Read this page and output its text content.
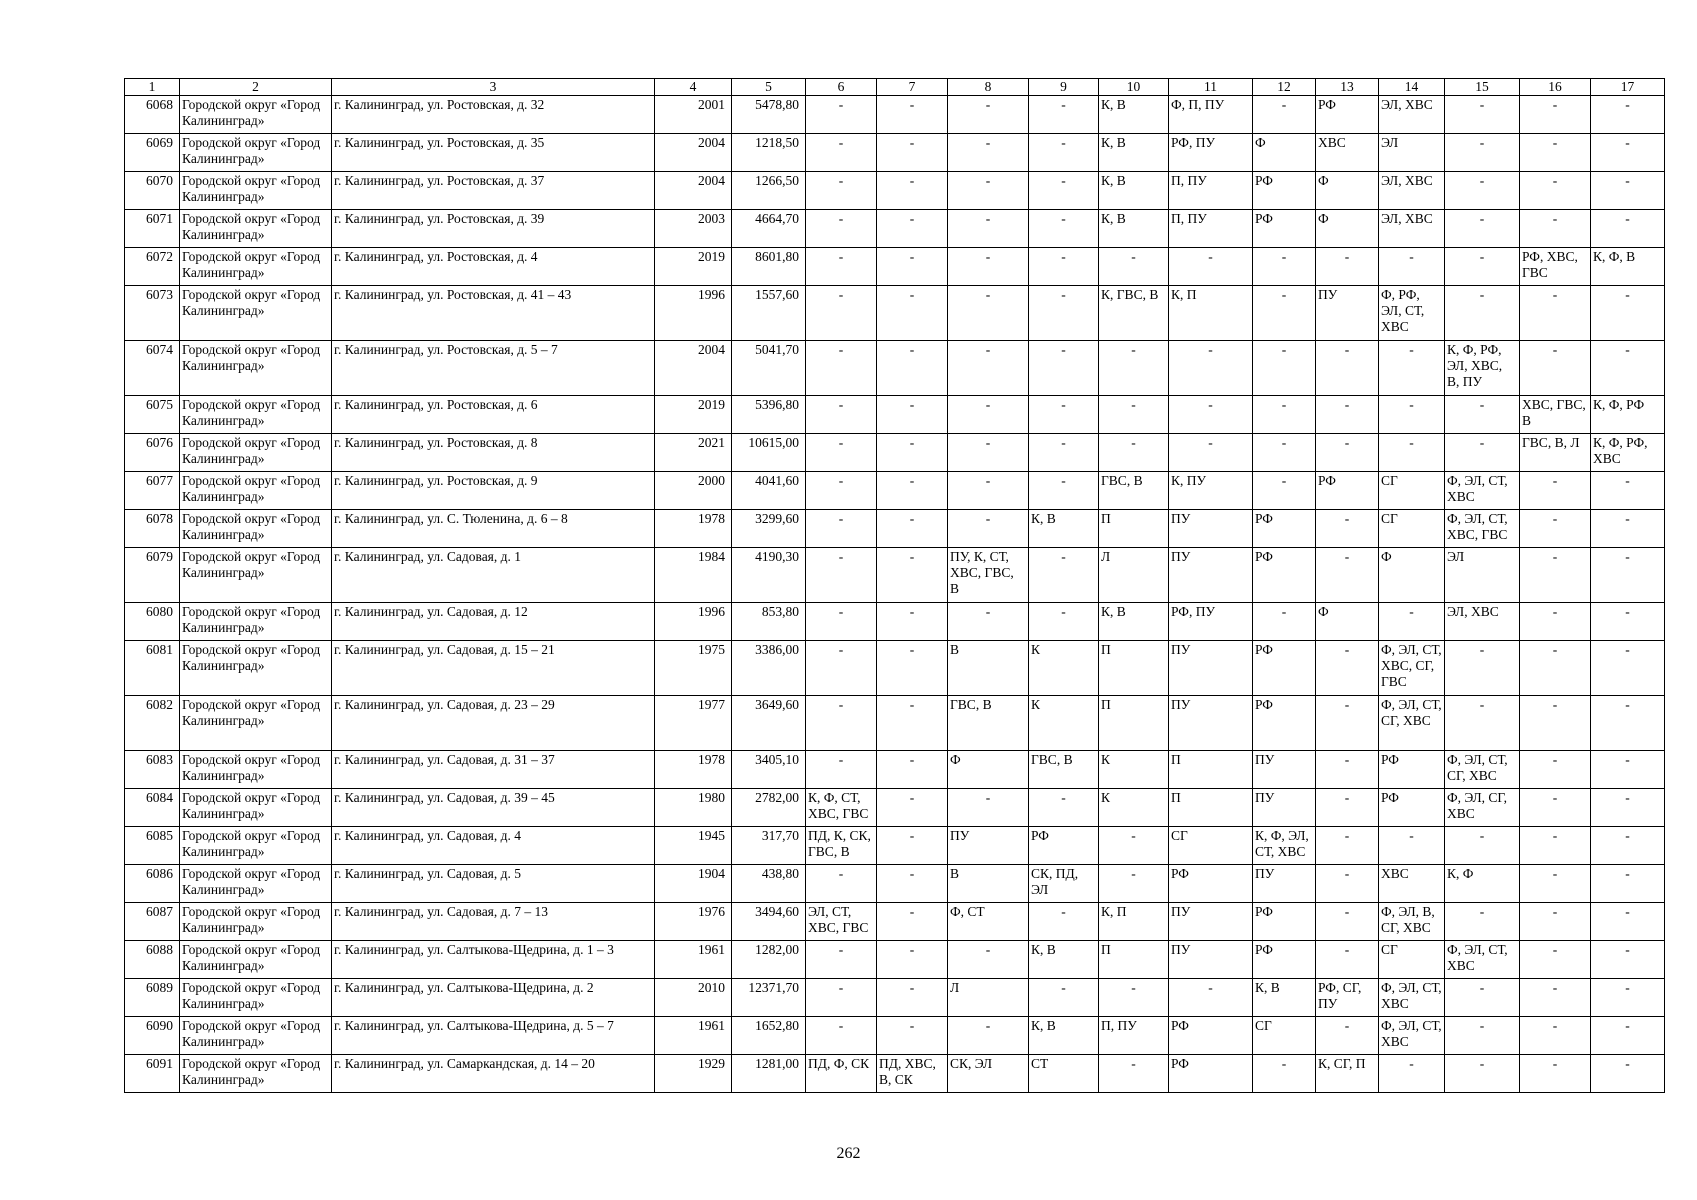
1	2	3	4	5	6	7	8	9	10	11	12	13	14	15	16	17
6068	Городской округ «Город Калининград»	г. Калининград, ул. Ростовская, д. 32	2001	5478,80	-	-	-	-	К, В	Ф, П, ПУ	-	РФ	ЭЛ, ХВС	-	-	-
6069	Городской округ «Город Калининград»	г. Калининград, ул. Ростовская, д. 35	2004	1218,50	-	-	-	-	К, В	РФ, ПУ	Ф	ХВС	ЭЛ	-	-	-
6070	Городской округ «Город Калининград»	г. Калининград, ул. Ростовская, д. 37	2004	1266,50	-	-	-	-	К, В	П, ПУ	РФ	Ф	ЭЛ, ХВС	-	-	-
6071	Городской округ «Город Калининград»	г. Калининград, ул. Ростовская, д. 39	2003	4664,70	-	-	-	-	К, В	П, ПУ	РФ	Ф	ЭЛ, ХВС	-	-	-
6072	Городской округ «Город Калининград»	г. Калининград, ул. Ростовская, д. 4	2019	8601,80	-	-	-	-	-	-	-	-	-	-	РФ, ХВС, ГВС	К, Ф, В
6073	Городской округ «Город Калининград»	г. Калининград, ул. Ростовская, д. 41 – 43	1996	1557,60	-	-	-	-	К, ГВС, В	К, П	-	ПУ	Ф, РФ, ЭЛ, СТ, ХВС	-	-	-
6074	Городской округ «Город Калининград»	г. Калининград, ул. Ростовская, д. 5 – 7	2004	5041,70	-	-	-	-	-	-	-	-	-	К, Ф, РФ, ЭЛ, ХВС, В, ПУ	-	-
6075	Городской округ «Город Калининград»	г. Калининград, ул. Ростовская, д. 6	2019	5396,80	-	-	-	-	-	-	-	-	-	-	ХВС, ГВС, В	К, Ф, РФ
6076	Городской округ «Город Калининград»	г. Калининград, ул. Ростовская, д. 8	2021	10615,00	-	-	-	-	-	-	-	-	-	-	ГВС, В, Л	К, Ф, РФ, ХВС
6077	Городской округ «Город Калининград»	г. Калининград, ул. Ростовская, д. 9	2000	4041,60	-	-	-	-	ГВС, В	К, ПУ	-	РФ	СГ	Ф, ЭЛ, СТ, ХВС	-	-
6078	Городской округ «Город Калининград»	г. Калининград, ул. С. Тюленина, д. 6 – 8	1978	3299,60	-	-	-	К, В	П	ПУ	РФ	-	СГ	Ф, ЭЛ, СТ, ХВС, ГВС	-	-
6079	Городской округ «Город Калининград»	г. Калининград, ул. Садовая, д. 1	1984	4190,30	-	-	ПУ, К, СТ, ХВС, ГВС, В	-	Л	ПУ	РФ	-	Ф	ЭЛ	-	-
6080	Городской округ «Город Калининград»	г. Калининград, ул. Садовая, д. 12	1996	853,80	-	-	-	-	К, В	РФ, ПУ	-	Ф	-	ЭЛ, ХВС	-	-
6081	Городской округ «Город Калининград»	г. Калининград, ул. Садовая, д. 15 – 21	1975	3386,00	-	-	В	К	П	ПУ	РФ	-	Ф, ЭЛ, СТ, ХВС, СГ, ГВС	-	-	-
6082	Городской округ «Город Калининград»	г. Калининград, ул. Садовая, д. 23 – 29	1977	3649,60	-	-	ГВС, В	К	П	ПУ	РФ	-	Ф, ЭЛ, СТ, СГ, ХВС	-	-	-
6083	Городской округ «Город Калининград»	г. Калининград, ул. Садовая, д. 31 – 37	1978	3405,10	-	-	Ф	ГВС, В	К	П	ПУ	-	РФ	Ф, ЭЛ, СТ, СГ, ХВС	-	-
6084	Городской округ «Город Калининград»	г. Калининград, ул. Садовая, д. 39 – 45	1980	2782,00	К, Ф, СТ, ХВС, ГВС	-	-	-	К	П	ПУ	-	РФ	Ф, ЭЛ, СГ, ХВС	-	-
6085	Городской округ «Город Калининград»	г. Калининград, ул. Садовая, д. 4	1945	317,70	ПД, К, СК, ГВС, В	-	ПУ	РФ	-	СГ	К, Ф, ЭЛ, СТ, ХВС	-	-	-	-	-
6086	Городской округ «Город Калининград»	г. Калининград, ул. Садовая, д. 5	1904	438,80	-	-	В	СК, ПД, ЭЛ	-	РФ	ПУ	-	ХВС	К, Ф	-	-
6087	Городской округ «Город Калининград»	г. Калининград, ул. Садовая, д. 7 – 13	1976	3494,60	ЭЛ, СТ, ХВС, ГВС	-	Ф, СТ	-	К, П	ПУ	РФ	-	Ф, ЭЛ, В, СГ, ХВС	-	-	-
6088	Городской округ «Город Калининград»	г. Калининград, ул. Салтыкова-Щедрина, д. 1 – 3	1961	1282,00	-	-	-	К, В	П	ПУ	РФ	-	СГ	Ф, ЭЛ, СТ, ХВС	-	-
6089	Городской округ «Город Калининград»	г. Калининград, ул. Салтыкова-Щедрина, д. 2	2010	12371,70	-	-	Л	-	-	-	К, В	РФ, СГ, ПУ	Ф, ЭЛ, СТ, ХВС	-	-	-
6090	Городской округ «Город Калининград»	г. Калининград, ул. Салтыкова-Щедрина, д. 5 – 7	1961	1652,80	-	-	-	К, В	П, ПУ	РФ	СГ	-	Ф, ЭЛ, СТ, ХВС	-	-	-
6091	Городской округ «Город Калининград»	г. Калининград, ул. Самаркандская, д. 14 – 20	1929	1281,00	ПД, Ф, СК	ПД, ХВС, В, СК	СК, ЭЛ	СТ	-	РФ	-	К, СГ, П	-	-	-	-
262
